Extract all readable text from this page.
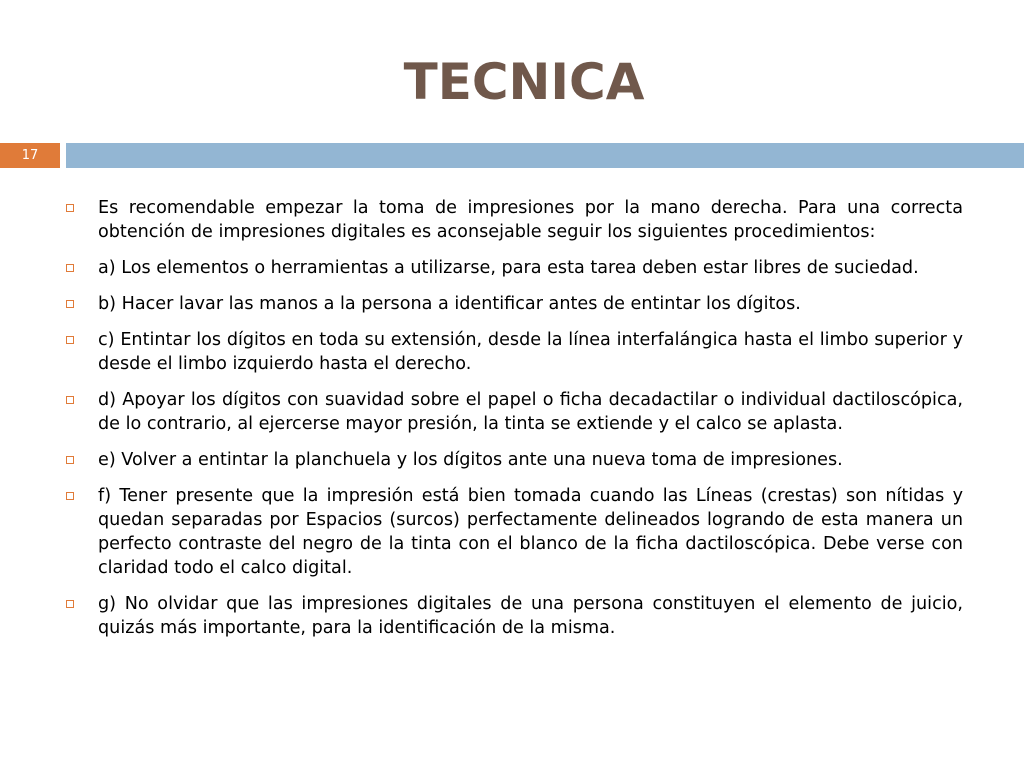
TECNICA
17
Es recomendable empezar la toma de impresiones por la mano derecha. Para una correcta obtención de impresiones digitales es aconsejable seguir los siguientes procedimientos:
a) Los elementos o herramientas a utilizarse, para esta tarea deben estar libres de suciedad.
b) Hacer lavar las manos a la persona a identificar antes de entintar los dígitos.
c) Entintar los dígitos en toda su extensión, desde la línea interfalángica hasta el limbo superior y desde el limbo izquierdo hasta el derecho.
d) Apoyar los dígitos con suavidad sobre el papel o ficha decadactilar o individual dactiloscópica, de lo contrario, al ejercerse mayor presión, la tinta se extiende y el calco se aplasta.
e) Volver a entintar la planchuela y los dígitos ante una nueva toma de impresiones.
f) Tener presente que la impresión está bien tomada cuando las Líneas (crestas) son nítidas y quedan separadas por Espacios (surcos) perfectamente delineados logrando de esta manera un perfecto contraste del negro de la tinta con el blanco de la ficha dactiloscópica. Debe verse con claridad todo el calco digital.
g) No olvidar que las impresiones digitales de una persona constituyen el elemento de juicio, quizás más importante, para la identificación de la misma.
